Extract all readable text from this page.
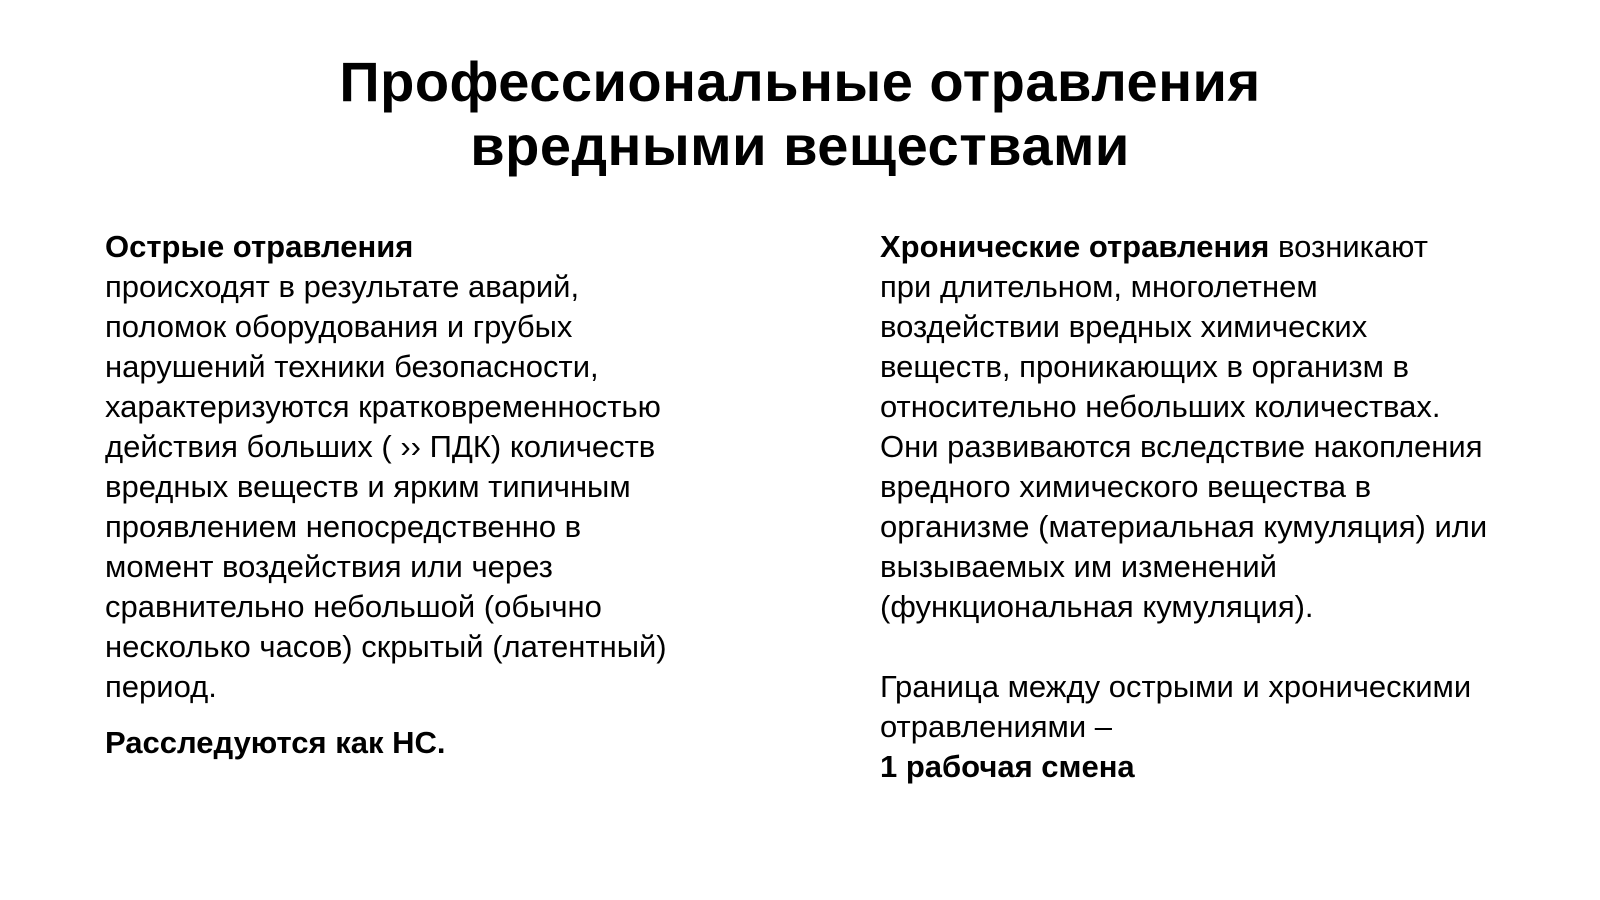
Профессиональные отравления
вредными веществами

Острые отравления
происходят в результате аварий,
поломок оборудования и грубых
нарушений техники безопасности,
характеризуются кратковременностью
действия больших ( ›› ПДК) количеств
вредных веществ и ярким типичным
проявлением непосредственно в
момент воздействия или через
сравнительно небольшой (обычно
несколько часов) скрытый (латентный)
период.

Расследуются как НС.

Хронические отравления возникают
при длительном, многолетнем
воздействии вредных химических
веществ, проникающих в организм в
относительно небольших количествах.
Они развиваются вследствие накопления
вредного химического вещества в
организме (материальная кумуляция) или
вызываемых им изменений
(функциональная кумуляция).

Граница между острыми и хроническими
отравлениями –
1 рабочая смена
